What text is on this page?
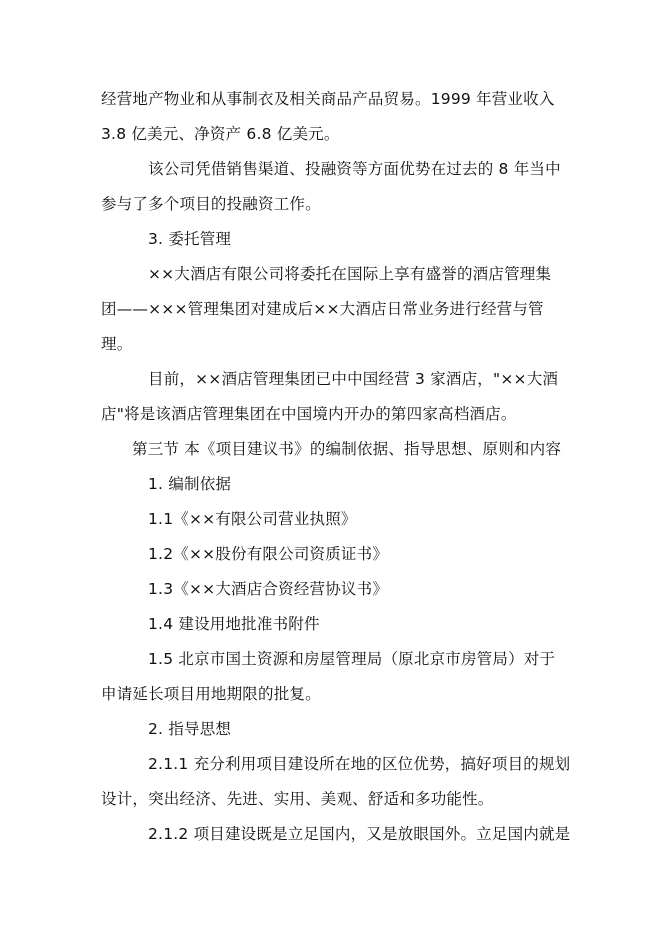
经营地产物业和从事制衣及相关商品产品贸易。1999 年营业收入
3.8 亿美元、净资产 6.8 亿美元。
该公司凭借销售渠道、投融资等方面优势在过去的 8 年当中
参与了多个项目的投融资工作。
3. 委托管理
××大酒店有限公司将委托在国际上享有盛誉的酒店管理集
团——×××管理集团对建成后××大酒店日常业务进行经营与管
理。
目前，××酒店管理集团已中中国经营 3 家酒店，"××大酒
店"将是该酒店管理集团在中国境内开办的第四家高档酒店。
第三节 本《项目建议书》的编制依据、指导思想、原则和内容
1. 编制依据
1.1《××有限公司营业执照》
1.2《××股份有限公司资质证书》
1.3《××大酒店合资经营协议书》
1.4 建设用地批准书附件
1.5 北京市国土资源和房屋管理局（原北京市房管局）对于
申请延长项目用地期限的批复。
2. 指导思想
2.1.1 充分利用项目建设所在地的区位优势，搞好项目的规划
设计，突出经济、先进、实用、美观、舒适和多功能性。
2.1.2 项目建设既是立足国内，又是放眼国外。立足国内就是
